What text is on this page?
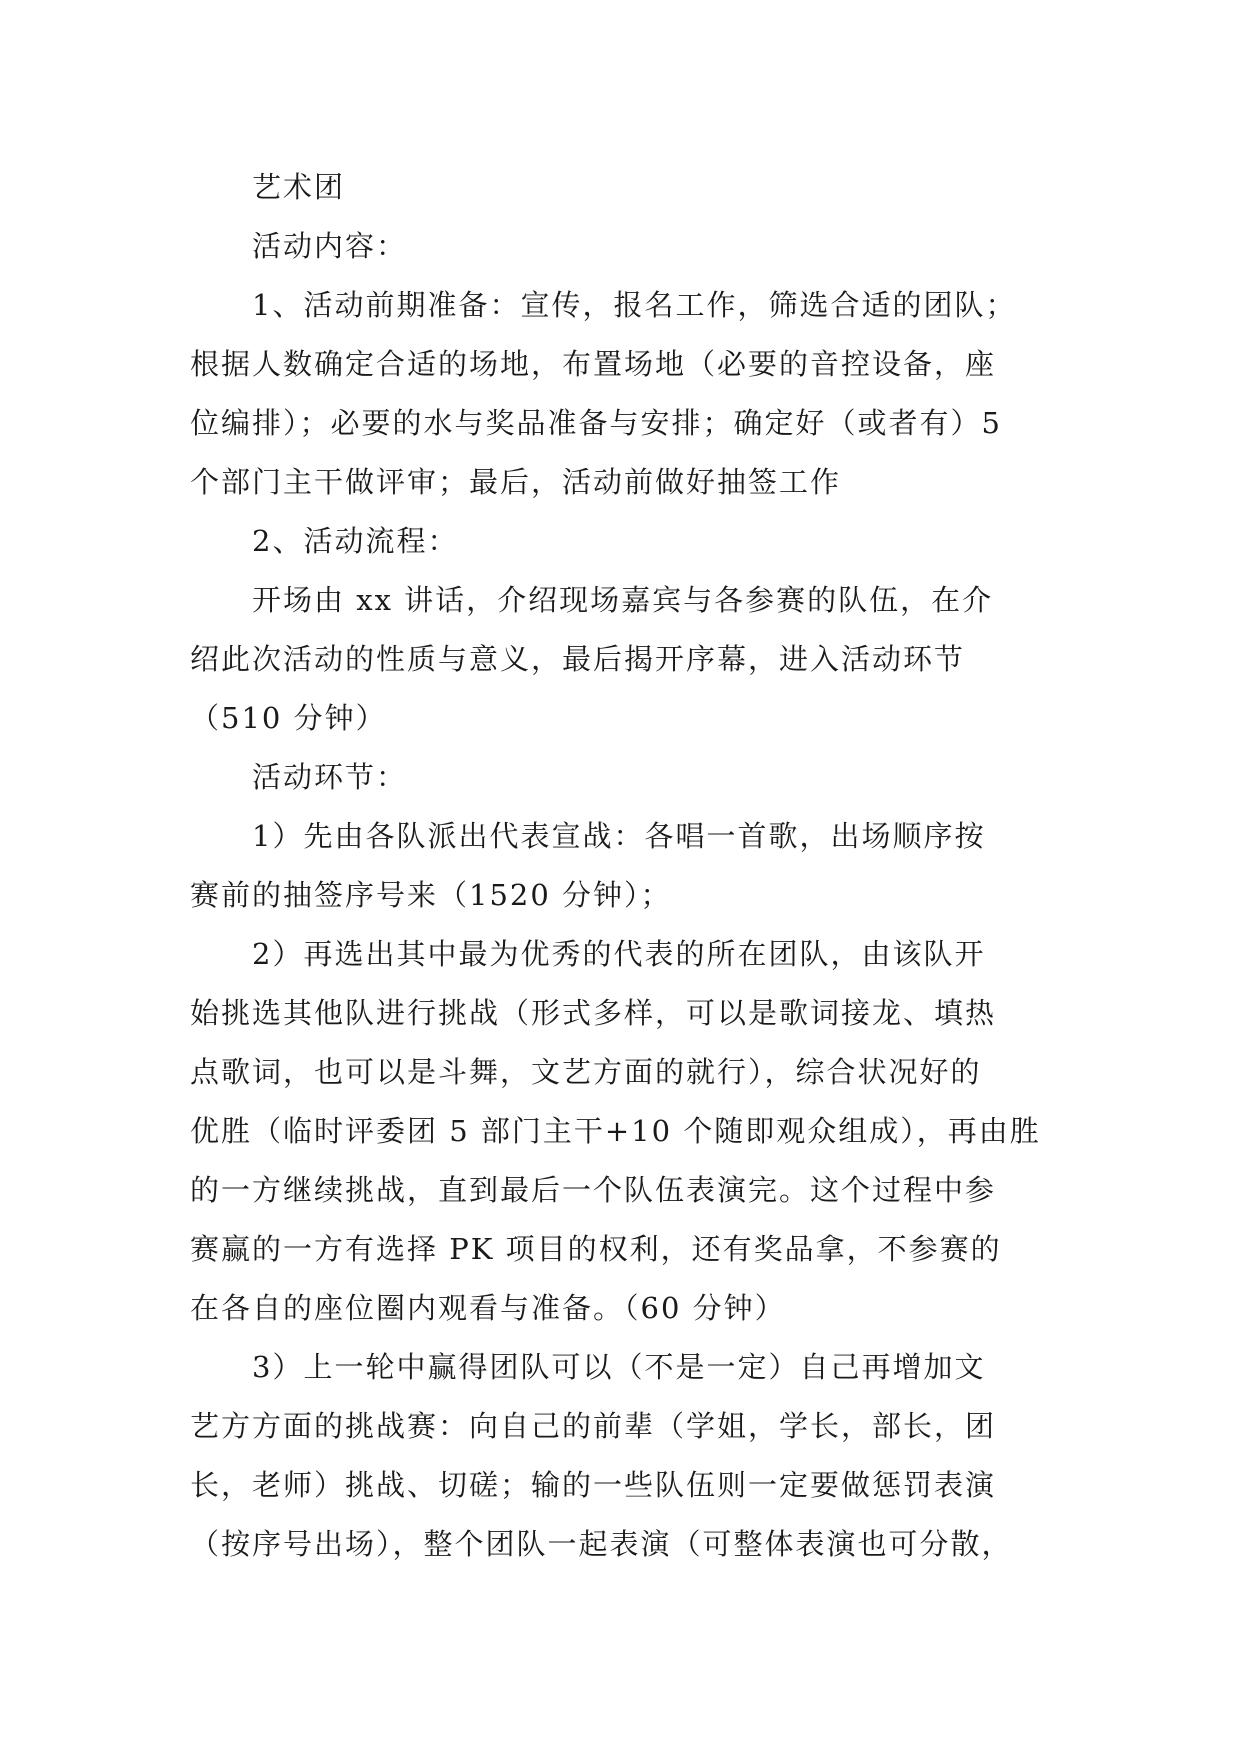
艺术团
活动内容：
1、活动前期准备：宣传，报名工作，筛选合适的团队；
根据人数确定合适的场地，布置场地（必要的音控设备，座
位编排）；必要的水与奖品准备与安排；确定好（或者有）5
个部门主干做评审；最后，活动前做好抽签工作
2、活动流程：
开场由 xx 讲话，介绍现场嘉宾与各参赛的队伍，在介
绍此次活动的性质与意义，最后揭开序幕，进入活动环节
（510 分钟）
活动环节：
1）先由各队派出代表宣战：各唱一首歌，出场顺序按
赛前的抽签序号来（1520 分钟）；
2）再选出其中最为优秀的代表的所在团队，由该队开
始挑选其他队进行挑战（形式多样，可以是歌词接龙、填热
点歌词，也可以是斗舞，文艺方面的就行），综合状况好的
优胜（临时评委团 5 部门主干+10 个随即观众组成），再由胜
的一方继续挑战，直到最后一个队伍表演完。这个过程中参
赛赢的一方有选择 PK 项目的权利，还有奖品拿，不参赛的
在各自的座位圈内观看与准备。（60 分钟）
3）上一轮中赢得团队可以（不是一定）自己再增加文
艺方方面的挑战赛：向自己的前辈（学姐，学长，部长，团
长，老师）挑战、切磋；输的一些队伍则一定要做惩罚表演
（按序号出场），整个团队一起表演（可整体表演也可分散，
